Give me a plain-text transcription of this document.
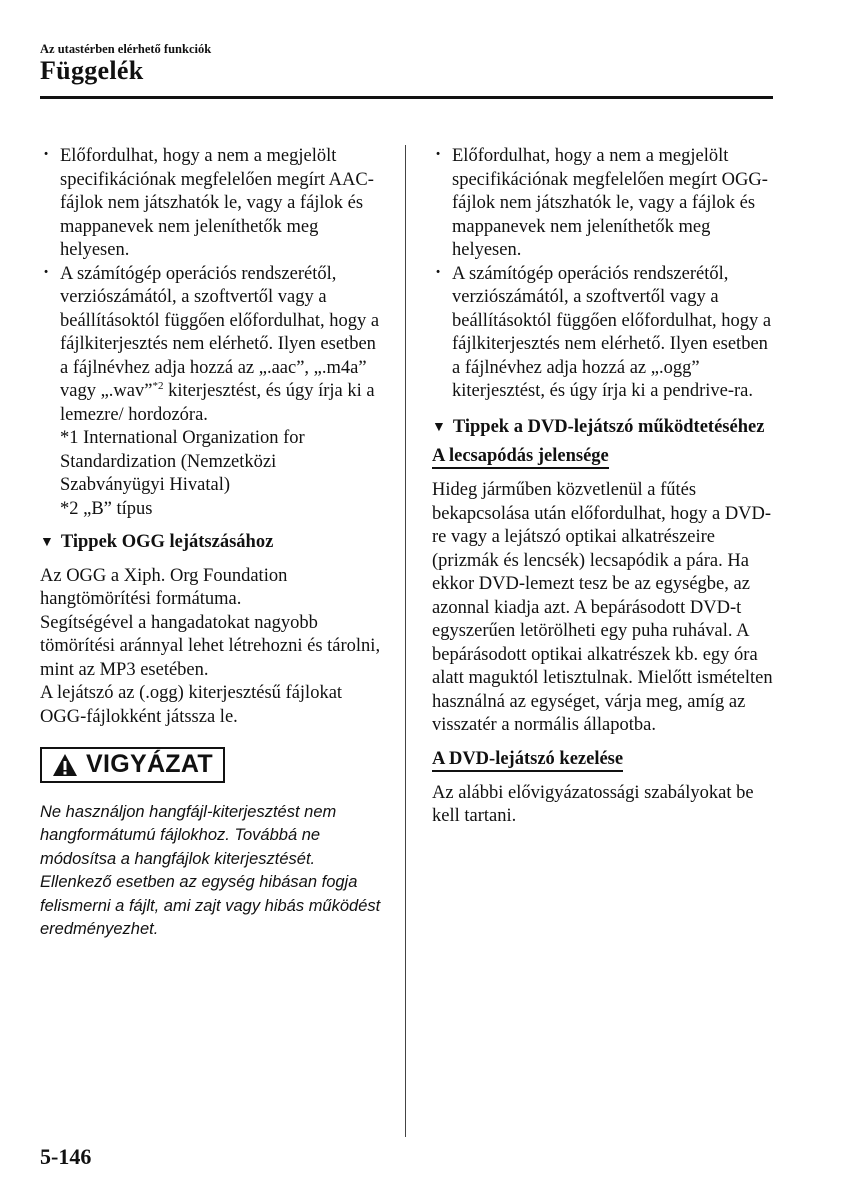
Az utastérben elérhető funkciók
Függelék
· Előfordulhat, hogy a nem a megjelölt specifikációnak megfelelően megírt AAC-fájlok nem játszhatók le, vagy a fájlok és mappanevek nem jeleníthetők meg helyesen.
· A számítógép operációs rendszerétől, verziószámától, a szoftvertől vagy a beállításoktól függően előfordulhat, hogy a fájlkiterjesztés nem elérhető. Ilyen esetben a fájlnévhez adja hozzá az „.aac”, „.m4a” vagy „.wav”$^{*2}$ kiterjesztést, és úgy írja ki a lemezre/ hordozóra.
*1 International Organization for Standardization (Nemzetközi Szabványügyi Hivatal)
*2 „B” típus
▼ Tippek OGG lejátszásához
Az OGG a Xiph. Org Foundation hangtömörítési formátuma.
Segítségével a hangadatokat nagyobb tömörítési aránnyal lehet létrehozni és tárolni, mint az MP3 esetében.
A lejátszó az (.ogg) kiterjesztésű fájlokat OGG-fájlokként játssza le.
VIGYÁZAT
Ne használjon hangfájl-kiterjesztést nem hangformátumú fájlokhoz. Továbbá ne módosítsa a hangfájlok kiterjesztését. Ellenkező esetben az egység hibásan fogja felismerni a fájlt, ami zajt vagy hibás működést eredményezhet.
· Előfordulhat, hogy a nem a megjelölt specifikációnak megfelelően megírt OGG-fájlok nem játszhatók le, vagy a fájlok és mappanevek nem jeleníthetők meg helyesen.
· A számítógép operációs rendszerétől, verziószámától, a szoftvertől vagy a beállításoktól függően előfordulhat, hogy a fájlkiterjesztés nem elérhető. Ilyen esetben a fájlnévhez adja hozzá az „.ogg” kiterjesztést, és úgy írja ki a pendrive-ra.
▼ Tippek a DVD-lejátszó működtetéséhez
A lecsapódás jelensége
Hideg járműben közvetlenül a fűtés bekapcsolása után előfordulhat, hogy a DVD-re vagy a lejátszó optikai alkatrészeire (prizmák és lencsék) lecsapódik a pára. Ha ekkor DVD-lemezt tesz be az egységbe, az azonnal kiadja azt. A bepárásodott DVD-t egyszerűen letörölheti egy puha ruhával. A bepárásodott optikai alkatrészek kb. egy óra alatt maguktól letisztulnak. Mielőtt ismételten használná az egységet, várja meg, amíg az visszatér a normális állapotba.
A DVD-lejátszó kezelése
Az alábbi elővigyázatossági szabályokat be kell tartani.
5-146
